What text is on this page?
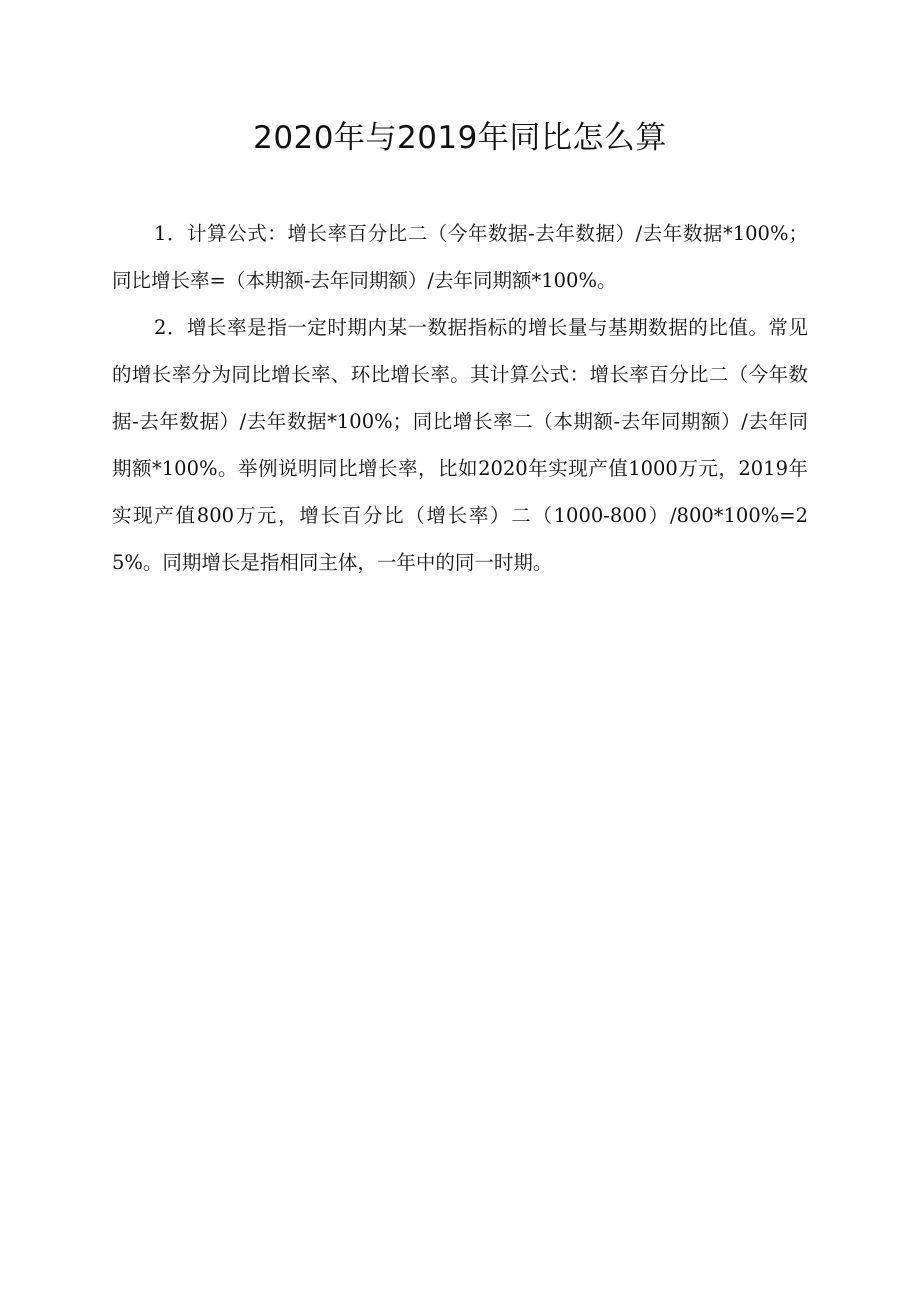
2020年与2019年同比怎么算

1．计算公式：增长率百分比二（今年数据-去年数据）/去年数据*100%；同比增长率=（本期额-去年同期额）/去年同期额*100%。

2．增长率是指一定时期内某一数据指标的增长量与基期数据的比值。常见的增长率分为同比增长率、环比增长率。其计算公式：增长率百分比二（今年数据-去年数据）/去年数据*100%；同比增长率二（本期额-去年同期额）/去年同期额*100%。举例说明同比增长率，比如2020年实现产值1000万元，2019年实现产值800万元，增长百分比（增长率）二（1000-800）/800*100%=25%。同期增长是指相同主体，一年中的同一时期。
